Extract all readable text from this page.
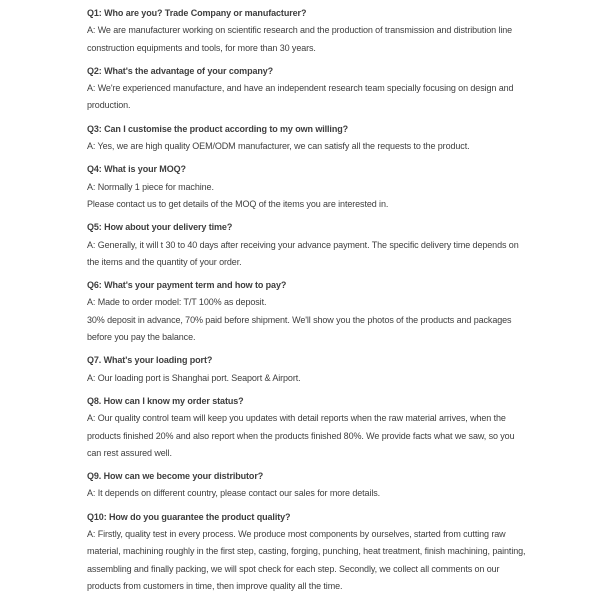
Q1: Who are you? Trade Company or manufacturer?
A: We are manufacturer working on scientific research and the production of transmission and distribution line
construction equipments and tools, for more than 30 years.
Q2: What's the advantage of your company?
A: We're experienced manufacture, and have an independent research team specially focusing on design and
production.
Q3: Can I customise the product according to my own willing?
A: Yes, we are high quality OEM/ODM manufacturer, we can satisfy all the requests to the product.
Q4: What is your MOQ?
A: Normally 1 piece for machine.
Please contact us to get details of the MOQ of the items you are interested in.
Q5: How about your delivery time?
A: Generally, it will t 30 to 40 days after receiving your advance payment. The specific delivery time depends on
the items and the quantity of your order.
Q6: What's your payment term and how to pay?
A: Made to order model: T/T 100% as deposit.
30% deposit in advance, 70% paid before shipment. We'll show you the photos of the products and packages
before you pay the balance.
Q7. What's your loading port?
A: Our loading port is Shanghai port. Seaport & Airport.
Q8. How can I know my order status?
A: Our quality control team will keep you updates with detail reports when the raw material arrives, when the
products finished 20% and also report when the products finished 80%. We provide facts what we saw, so you
can rest assured well.
Q9. How can we become your distributor?
A: It depends on different country, please contact our sales for more details.
Q10: How do you guarantee the product quality?
A: Firstly, quality test in every process. We produce most components by ourselves, started from cutting raw
material, machining roughly in the first step, casting, forging, punching, heat treatment, finish machining, painting,
assembling and finally packing, we will spot check for each step. Secondly, we collect all comments on our
products from customers in time, then improve quality all the time.
